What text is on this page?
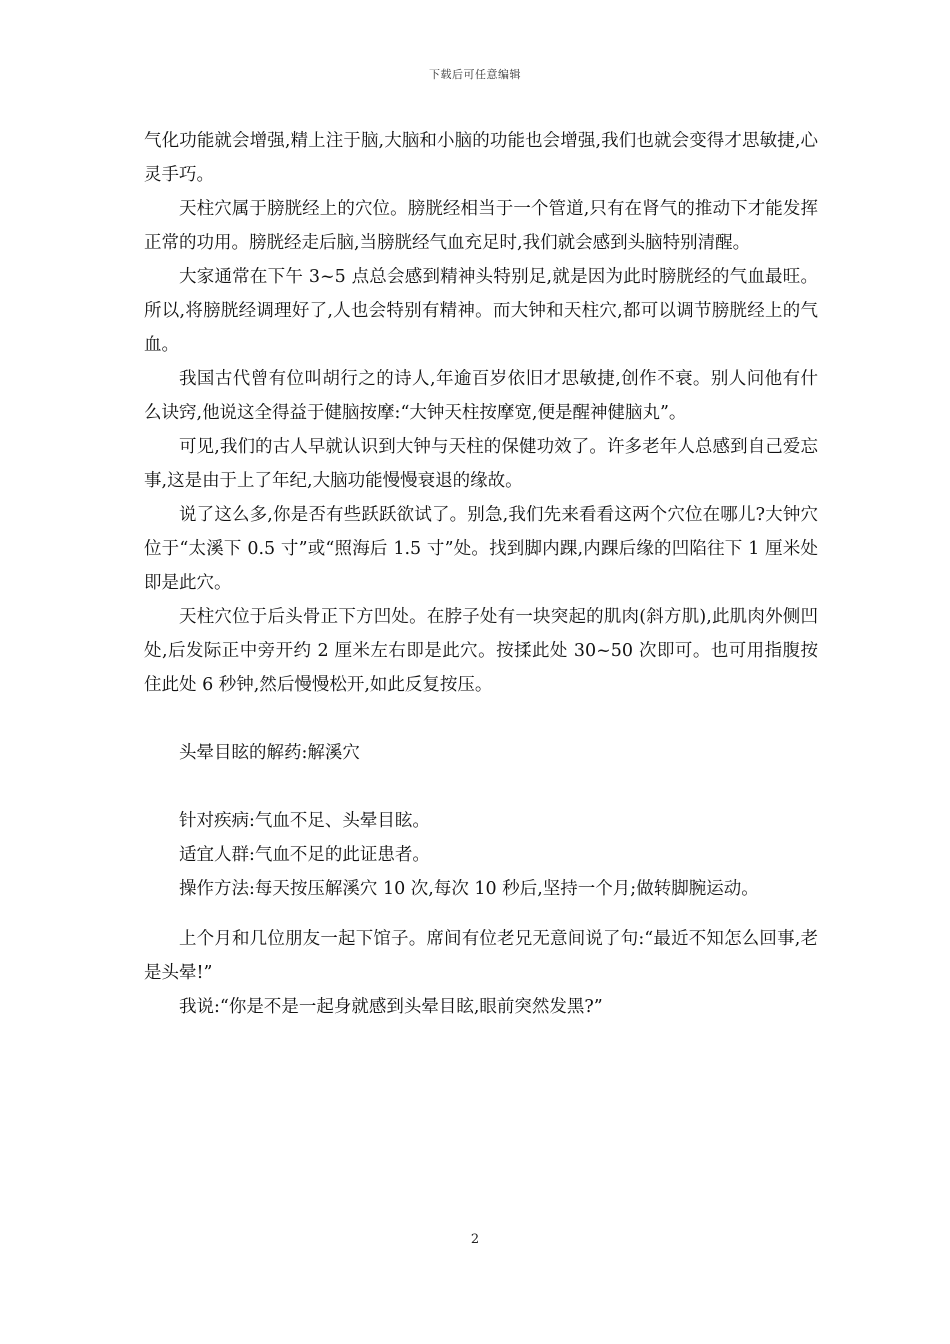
下载后可任意编辑

气化功能就会增强,精上注于脑,大脑和小脑的功能也会增强,我们也就会变得才思敏捷,心灵手巧。

天柱穴属于膀胱经上的穴位。膀胱经相当于一个管道,只有在肾气的推动下才能发挥正常的功用。膀胱经走后脑,当膀胱经气血充足时,我们就会感到头脑特别清醒。

大家通常在下午 3~5 点总会感到精神头特别足,就是因为此时膀胱经的气血最旺。所以,将膀胱经调理好了,人也会特别有精神。而大钟和天柱穴,都可以调节膀胱经上的气血。

我国古代曾有位叫胡行之的诗人,年逾百岁依旧才思敏捷,创作不衰。别人问他有什么诀窍,他说这全得益于健脑按摩:“大钟天柱按摩宽,便是醒神健脑丸”。

可见,我们的古人早就认识到大钟与天柱的保健功效了。许多老年人总感到自己爱忘事,这是由于上了年纪,大脑功能慢慢衰退的缘故。

说了这么多,你是否有些跃跃欲试了。别急,我们先来看看这两个穴位在哪儿?大钟穴位于“太溪下 0.5 寸”或“照海后 1.5 寸”处。找到脚内踝,内踝后缘的凹陷往下 1 厘米处即是此穴。

天柱穴位于后头骨正下方凹处。在脖子处有一块突起的肌肉(斜方肌),此肌肉外侧凹处,后发际正中旁开约 2 厘米左右即是此穴。按揉此处 30~50 次即可。也可用指腹按住此处 6 秒钟,然后慢慢松开,如此反复按压。

头晕目眩的解药:解溪穴

针对疾病:气血不足、头晕目眩。

适宜人群:气血不足的此证患者。

操作方法:每天按压解溪穴 10 次,每次 10 秒后,坚持一个月;做转脚腕运动。

上个月和几位朋友一起下馆子。席间有位老兄无意间说了句:“最近不知怎么回事,老是头晕!”

我说:“你是不是一起身就感到头晕目眩,眼前突然发黑?”

2
